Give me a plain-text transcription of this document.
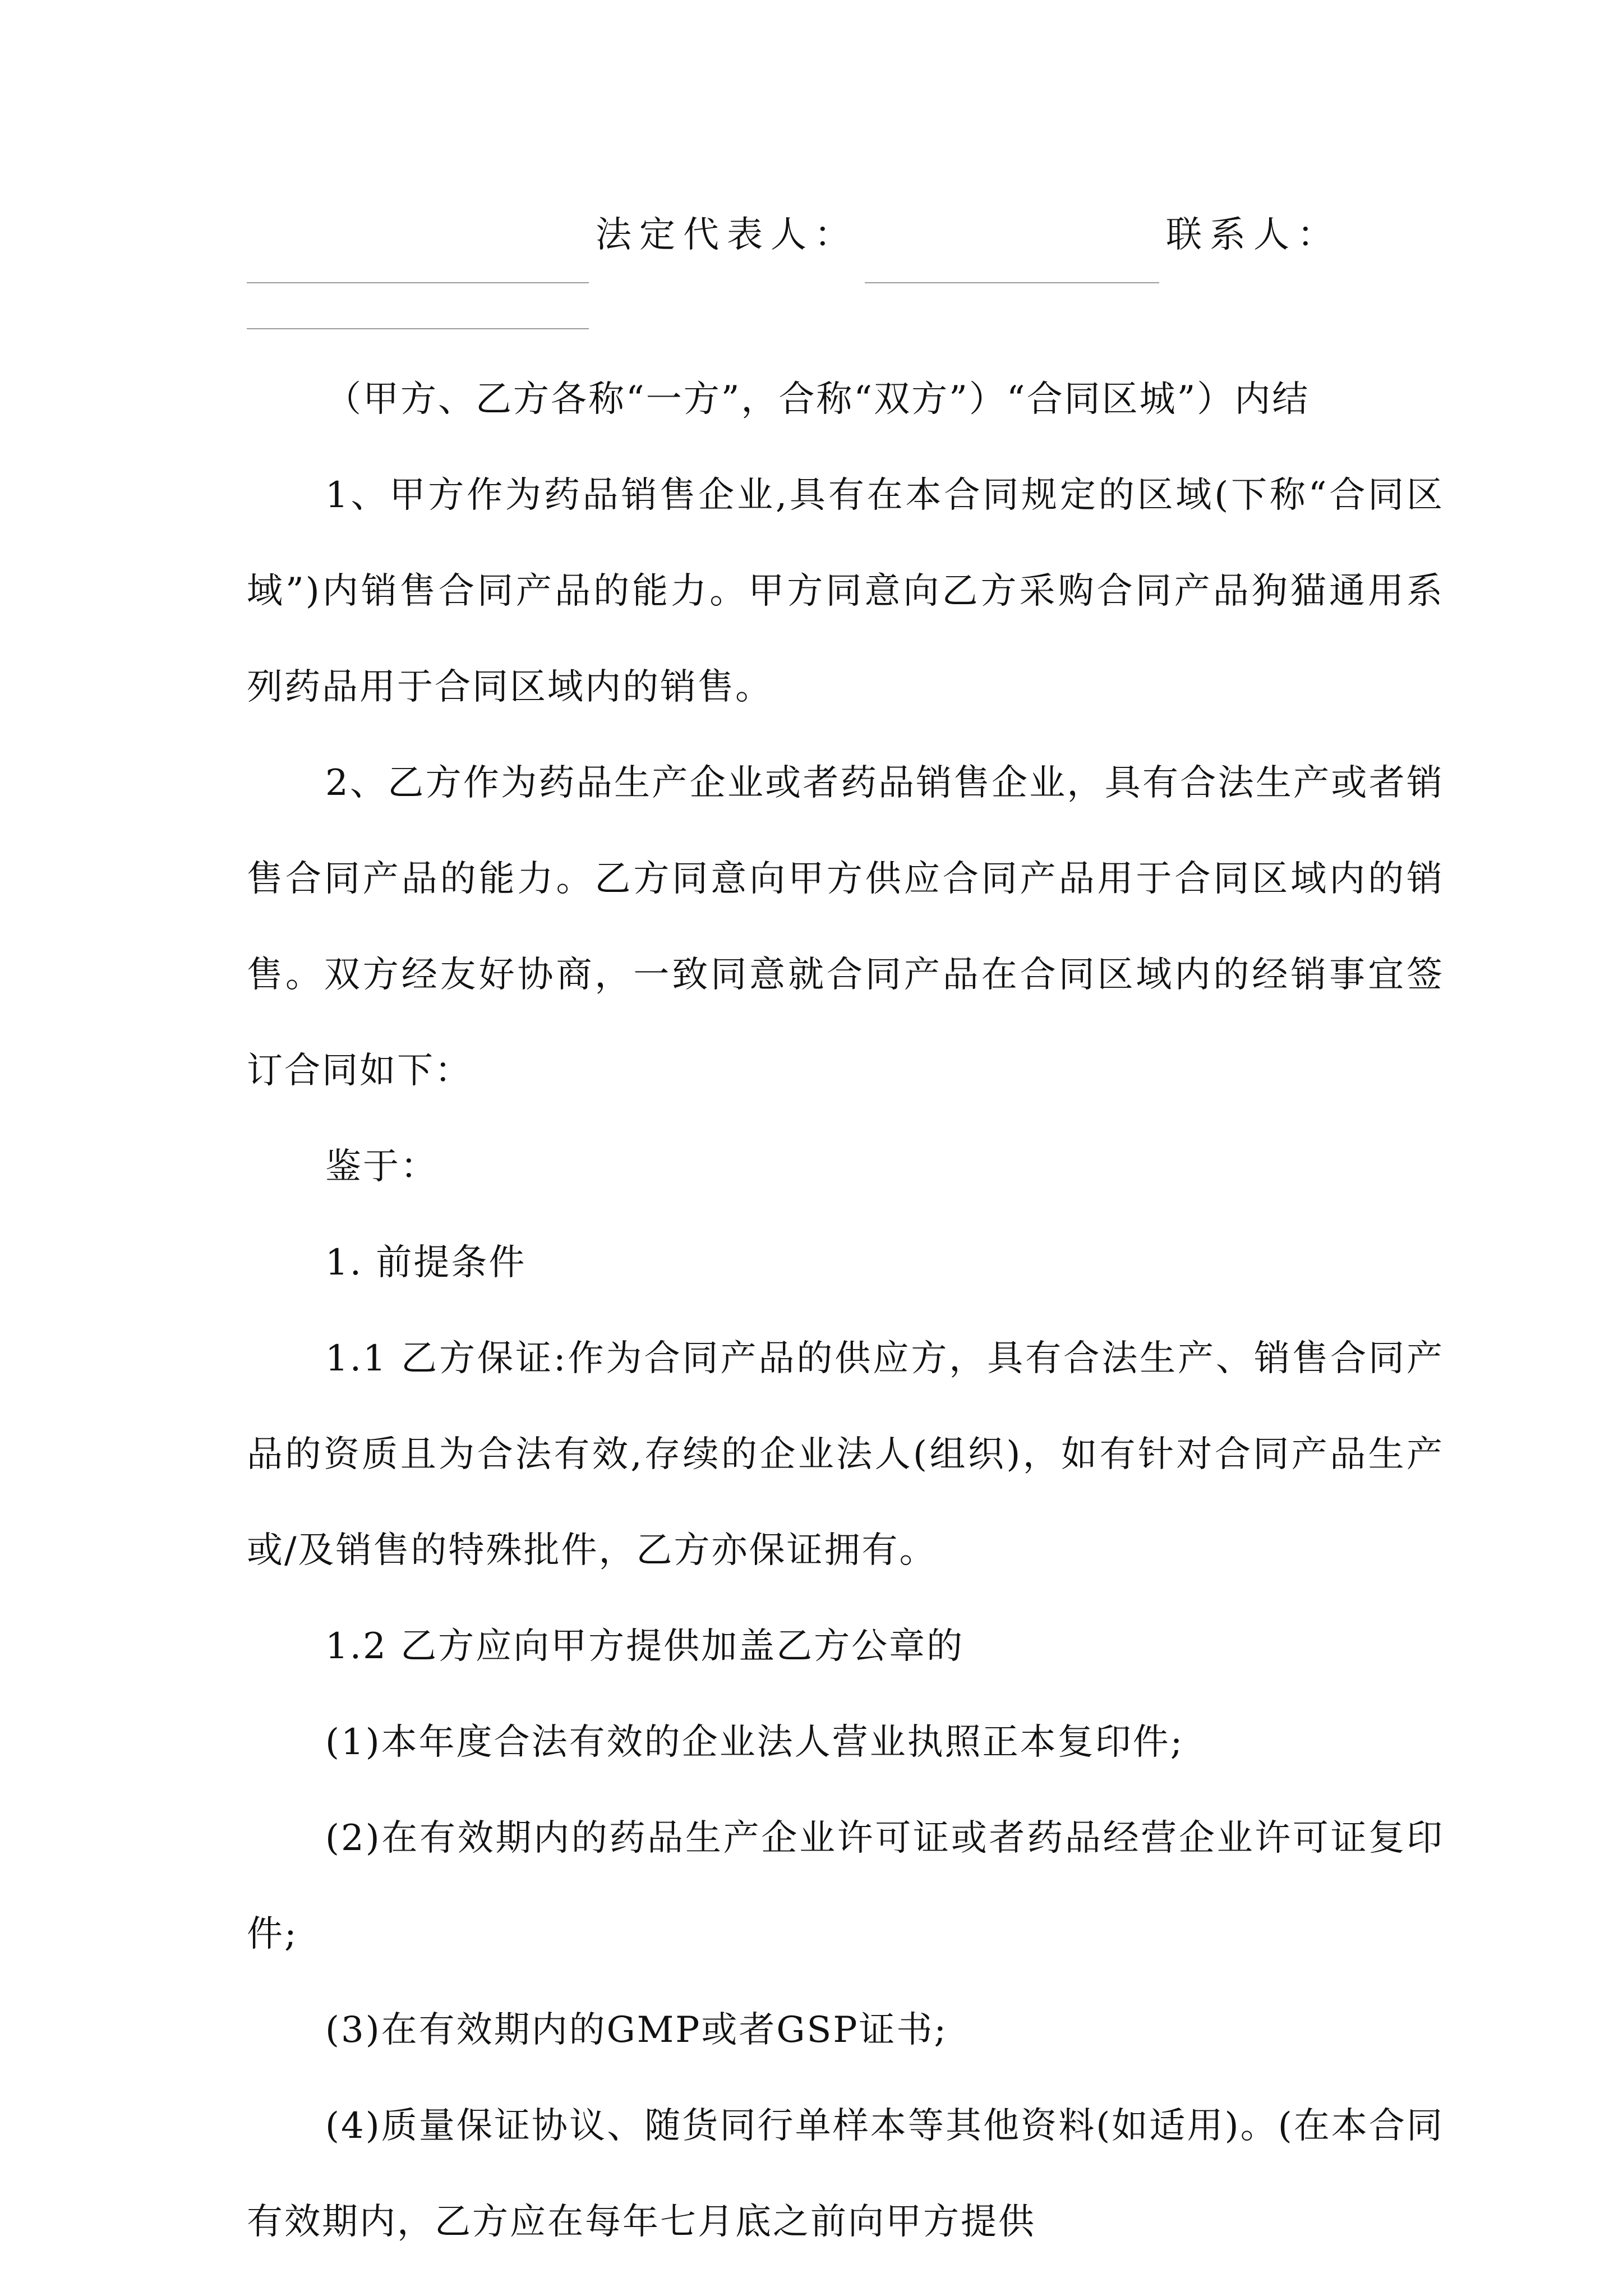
法定代表人：	联系人：

（甲方、乙方各称“一方”，合称“双方”）“合同区城”）内结

1、甲方作为药品销售企业,具有在本合同规定的区域(下称“合同区域”)内销售合同产品的能力。甲方同意向乙方采购合同产品狗猫通用系列药品用于合同区域内的销售。

2、乙方作为药品生产企业或者药品销售企业，具有合法生产或者销售合同产品的能力。乙方同意向甲方供应合同产品用于合同区域内的销售。双方经友好协商，一致同意就合同产品在合同区域内的经销事宜签订合同如下：

鉴于：

1. 前提条件

1.1 乙方保证:作为合同产品的供应方，具有合法生产、销售合同产品的资质且为合法有效,存续的企业法人(组织)，如有针对合同产品生产或/及销售的特殊批件，乙方亦保证拥有。

1.2 乙方应向甲方提供加盖乙方公章的

(1)本年度合法有效的企业法人营业执照正本复印件;

(2)在有效期内的药品生产企业许可证或者药品经营企业许可证复印件;

(3)在有效期内的GMP或者GSP证书;

(4)质量保证协议、随货同行单样本等其他资料(如适用)。(在本合同有效期内，乙方应在每年七月底之前向甲方提供
